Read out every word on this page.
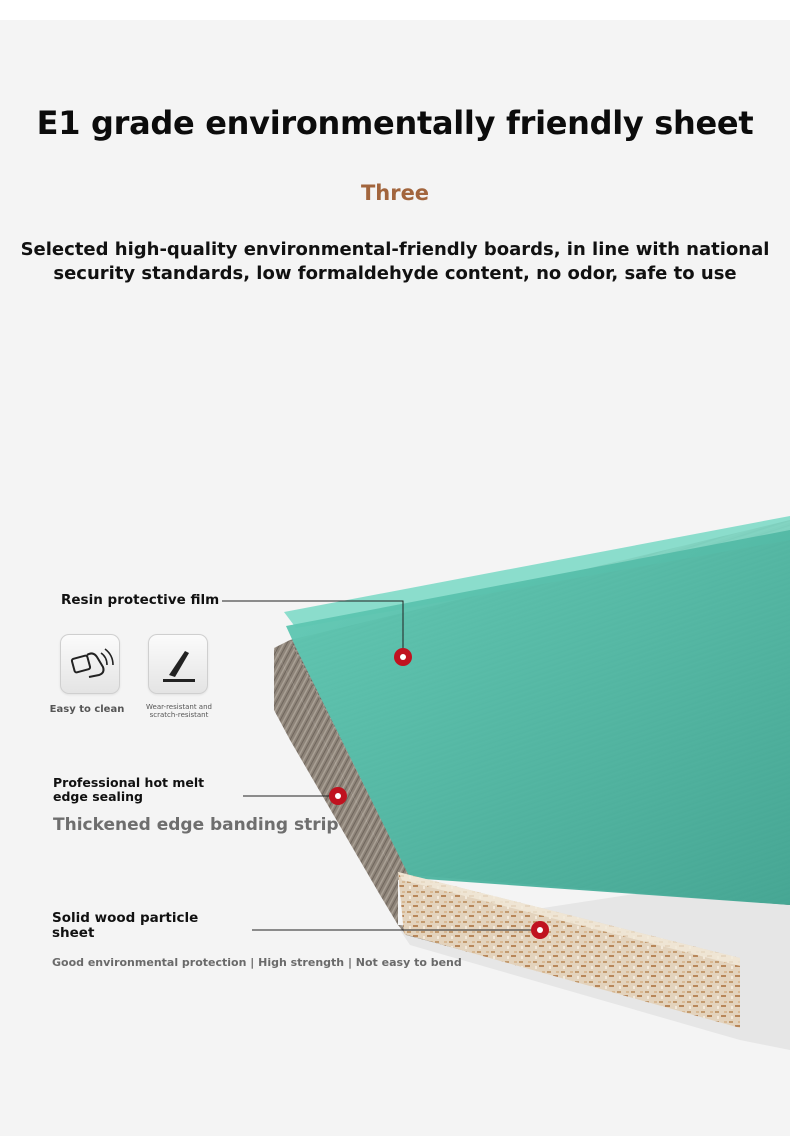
E1 grade environmentally friendly sheet
Three
Selected high-quality environmental-friendly boards, in line with national security standards, low formaldehyde content, no odor, safe to use
Resin protective film
Easy to clean	Wear-resistant and scratch-resistant
Professional hot melt edge sealing
Thickened edge banding strip
Solid wood particle sheet
Good environmental protection | High strength | Not easy to bend
